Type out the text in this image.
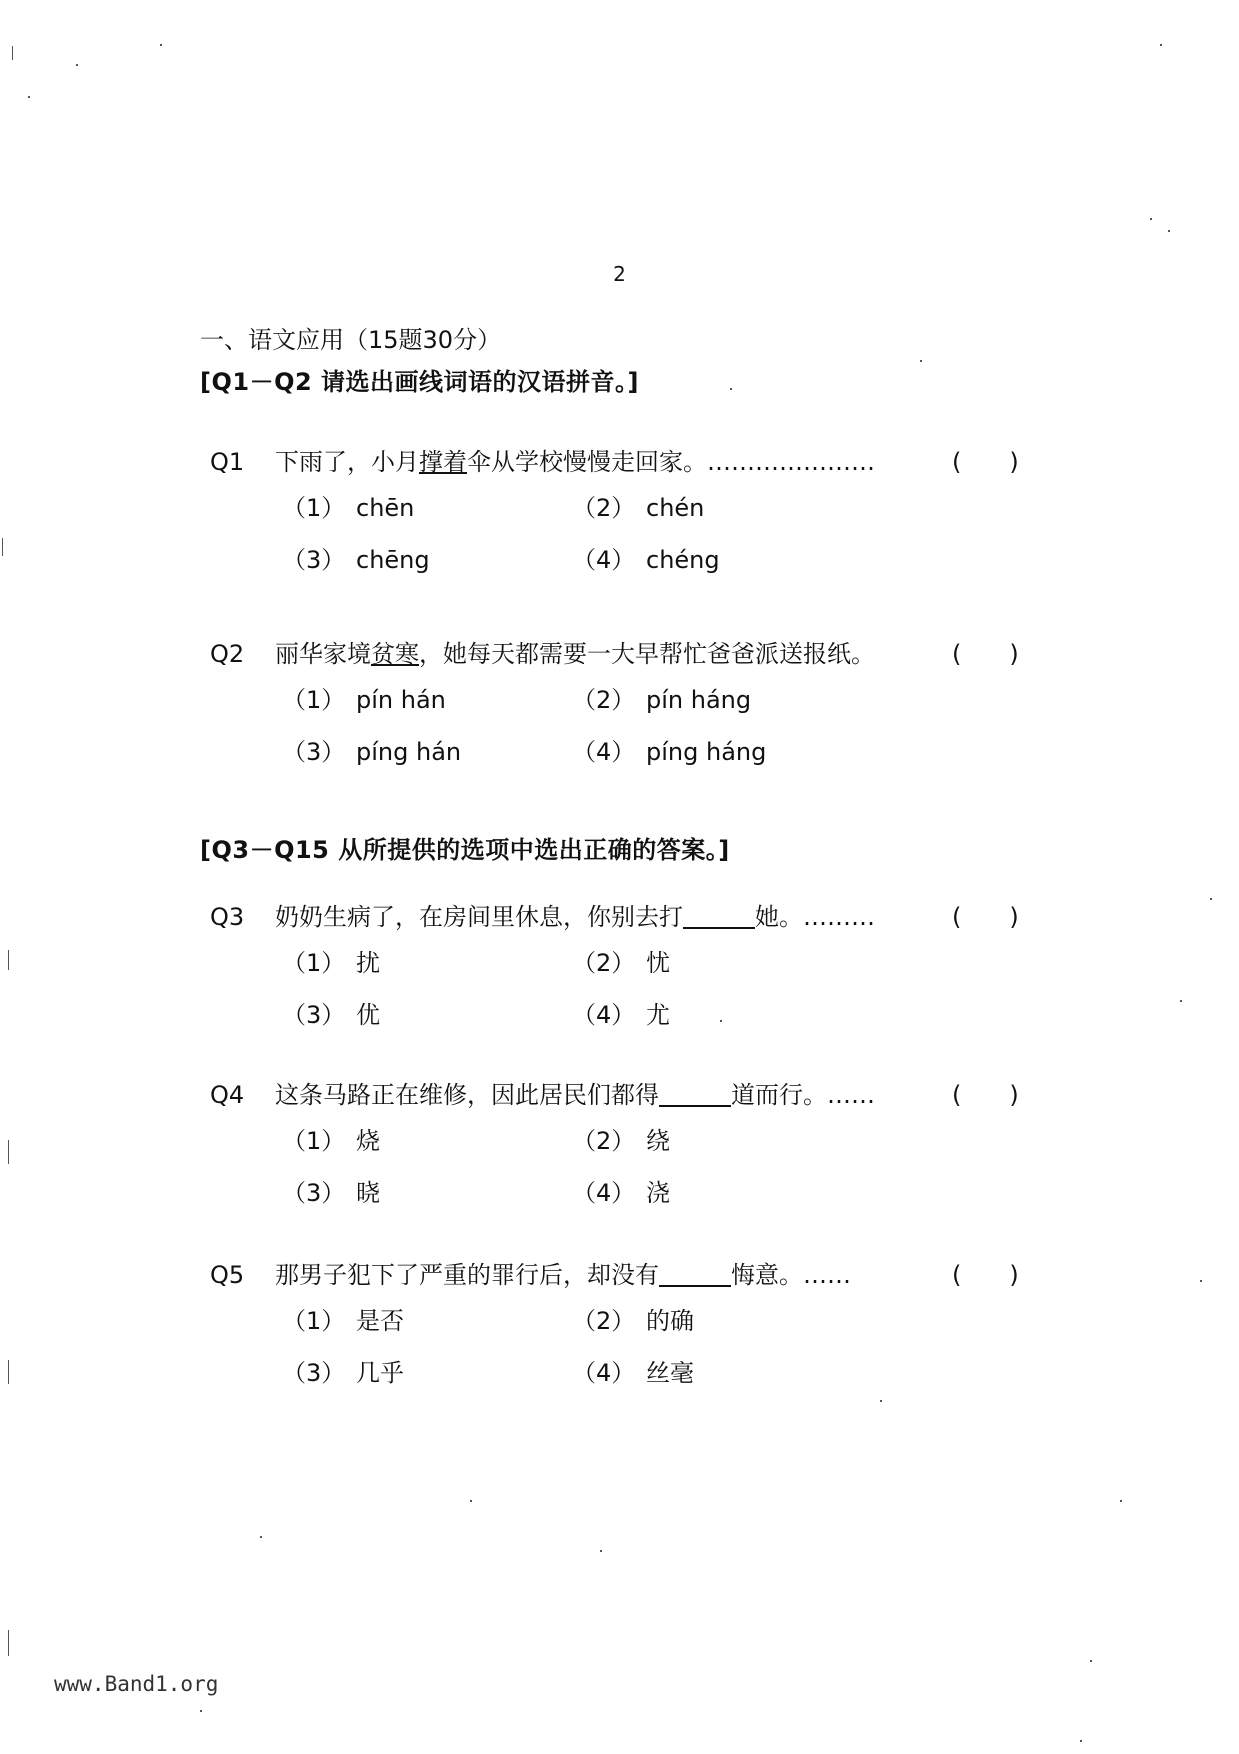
2
一、语文应用（15题30分）
[Q1－Q2 请选出画线词语的汉语拼音。]
[Q3－Q15 从所提供的选项中选出正确的答案。]
Q1	下雨了，小月撑着伞从学校慢慢走回家。…………………	(　　)
（1） chēn	（2） chén
（3） chēng	（4） chéng
Q2	丽华家境贫寒，她每天都需要一大早帮忙爸爸派送报纸。	(　　)
（1） pín hán	（2） pín háng
（3） píng hán	（4） píng háng
Q3	奶奶生病了，在房间里休息，你别去打　　　	她。………	(　　)
（1） 扰	（2） 忧
（3） 优	（4） 尤
Q4	这条马路正在维修，因此居民们都得　　　	道而行。……	(　　)
（1） 烧	（2） 绕
（3） 晓	（4） 浇
Q5	那男子犯下了严重的罪行后，却没有　　　	悔意。……	(　　)
（1） 是否	（2） 的确
（3） 几乎	（4） 丝毫
www.Band1.org
